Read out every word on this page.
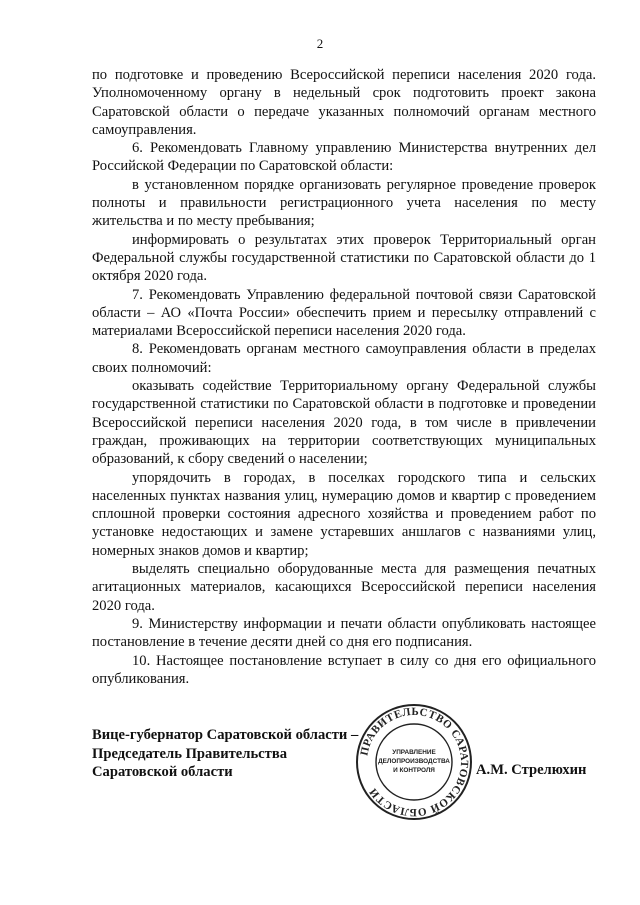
2

по подготовке и проведению Всероссийской переписи населения 2020 года. Уполномоченному органу в недельный срок подготовить проект закона Саратовской области о передаче указанных полномочий органам местного самоуправления.

6. Рекомендовать Главному управлению Министерства внутренних дел Российской Федерации по Саратовской области:

в установленном порядке организовать регулярное проведение проверок полноты и правильности регистрационного учета населения по месту жительства и по месту пребывания;

информировать о результатах этих проверок Территориальный орган Федеральной службы государственной статистики по Саратовской области до 1 октября 2020 года.

7. Рекомендовать Управлению федеральной почтовой связи Саратовской области – АО «Почта России» обеспечить прием и пересылку отправлений с материалами Всероссийской переписи населения 2020 года.

8. Рекомендовать органам местного самоуправления области в пределах своих полномочий:

оказывать содействие Территориальному органу Федеральной службы государственной статистики по Саратовской области в подготовке и проведении Всероссийской переписи населения 2020 года, в том числе в привлечении граждан, проживающих на территории соответствующих муниципальных образований, к сбору сведений о населении;

упорядочить в городах, в поселках городского типа и сельских населенных пунктах названия улиц, нумерацию домов и квартир с проведением сплошной проверки состояния адресного хозяйства и проведением работ по установке недостающих и замене устаревших аншлагов с названиями улиц, номерных знаков домов и квартир;

выделять специально оборудованные места для размещения печатных агитационных материалов, касающихся Всероссийской переписи населения 2020 года.

9. Министерству информации и печати области опубликовать настоящее постановление в течение десяти дней со дня его подписания.

10. Настоящее постановление вступает в силу со дня его официального опубликования.

Вице-губернатор Саратовской области –
Председатель Правительства
Саратовской области
ПРАВИТЕЛЬСТВО САРАТОВСКОЙ ОБЛАСТИ
УПРАВЛЕНИЕ
ДЕЛОПРОИЗВОДСТВА
И КОНТРОЛЯ	А.М. Стрелюхин
